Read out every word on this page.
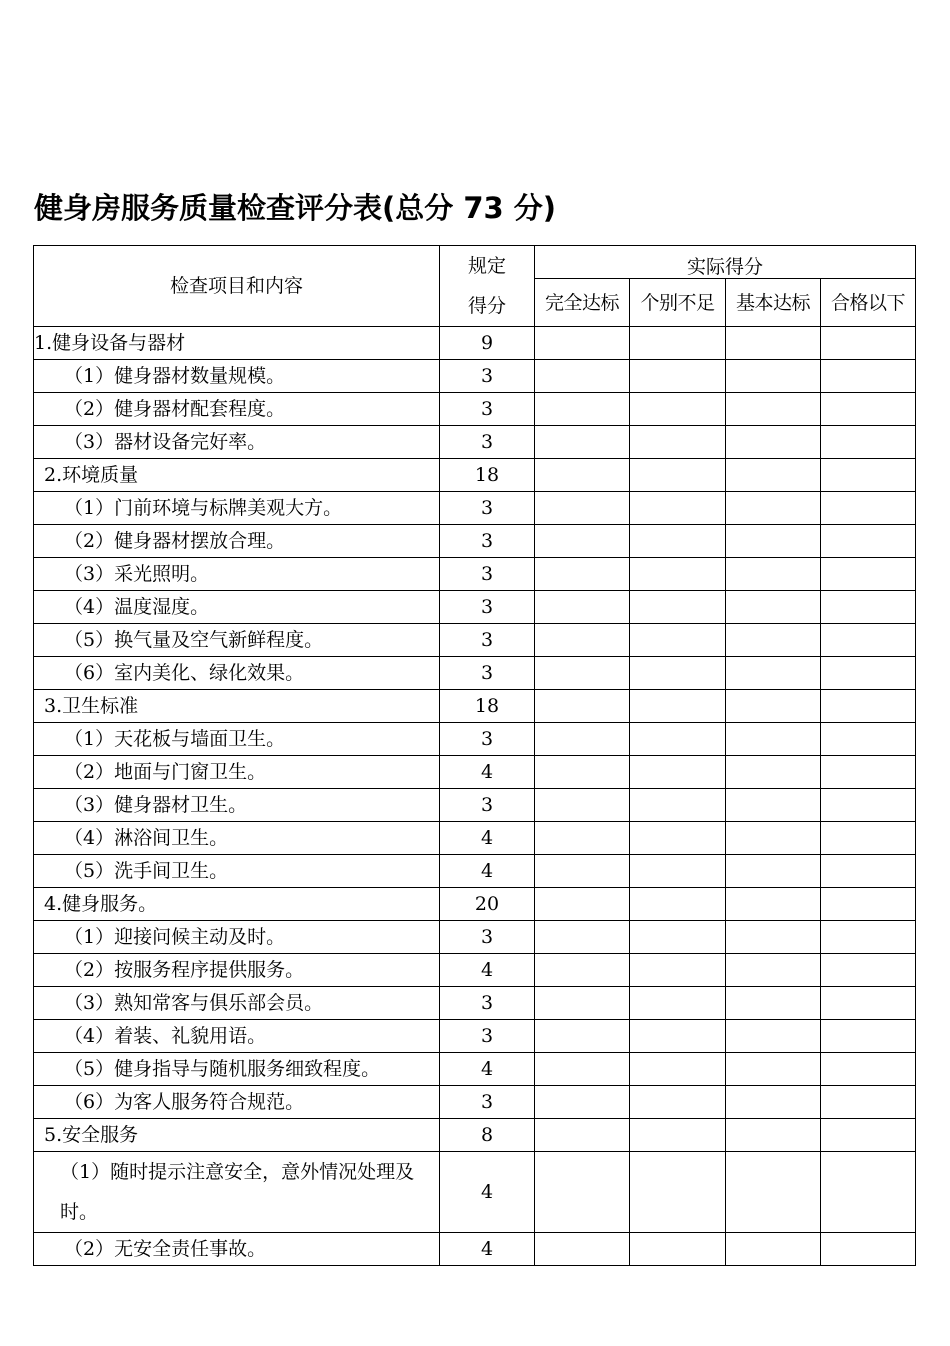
健身房服务质量检查评分表(总分 73 分)
检查项目和内容	规定
得分	实际得分			
		完全达标	个别不足	基本达标	合格以下
1.健身设备与器材	9				
（1）健身器材数量规模。	3				
（2）健身器材配套程度。	3				
（3）器材设备完好率。	3				
2.环境质量	18				
（1）门前环境与标牌美观大方。	3				
（2）健身器材摆放合理。	3				
（3）采光照明。	3				
（4）温度湿度。	3				
（5）换气量及空气新鲜程度。	3				
（6）室内美化、绿化效果。	3				
3.卫生标准	18				
（1）天花板与墙面卫生。	3				
（2）地面与门窗卫生。	4				
（3）健身器材卫生。	3				
（4）淋浴间卫生。	4				
（5）洗手间卫生。	4				
4.健身服务。	20				
（1）迎接问候主动及时。	3				
（2）按服务程序提供服务。	4				
（3）熟知常客与俱乐部会员。	3				
（4）着装、礼貌用语。	3				
（5）健身指导与随机服务细致程度。	4				
（6）为客人服务符合规范。	3				
5.安全服务	8				
（1）随时提示注意安全，意外情况处理及时。	4				
（2）无安全责任事故。	4				
